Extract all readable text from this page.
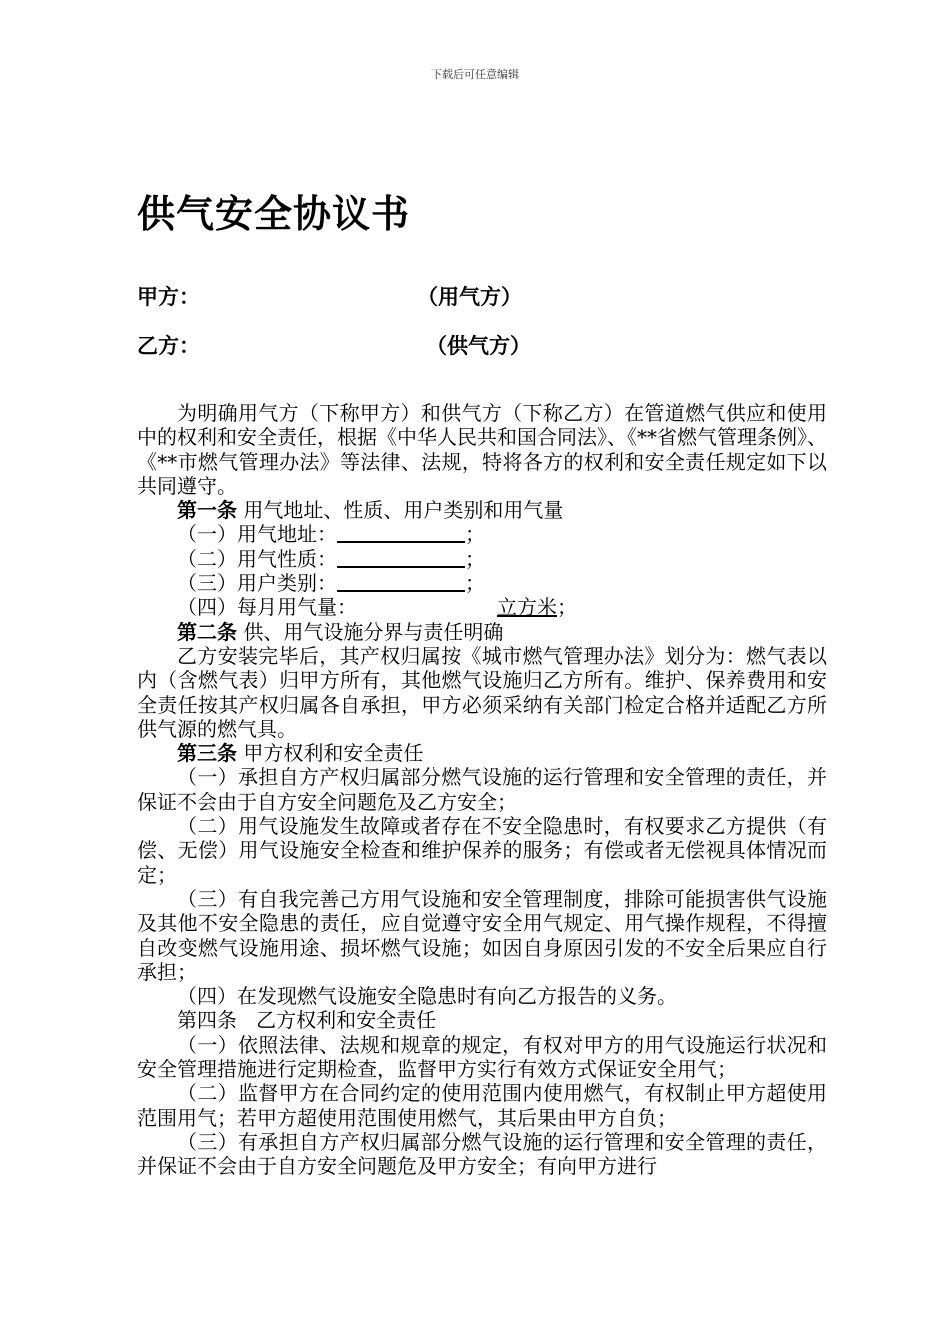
下载后可任意编辑
供气安全协议书
甲方：	（用气方）
乙方：	（供气方）

为明确用气方（下称甲方）和供气方（下称乙方）在管道燃气供应和使用中的权利和安全责任，根据《中华人民共和国合同法》、《**省燃气管理条例》、《**市燃气管理办法》等法律、法规，特将各方的权利和安全责任规定如下以共同遵守。

第一条 用气地址、性质、用户类别和用气量

（一）用气地址：	；

（二）用气性质：	；

（三）用户类别：	；

（四）每月用气量：	立方米；

第二条 供、用气设施分界与责任明确

乙方安装完毕后，其产权归属按《城市燃气管理办法》划分为：燃气表以内（含燃气表）归甲方所有，其他燃气设施归乙方所有。维护、保养费用和安全责任按其产权归属各自承担，甲方必须采纳有关部门检定合格并适配乙方所供气源的燃气具。

第三条 甲方权利和安全责任

（一）承担自方产权归属部分燃气设施的运行管理和安全管理的责任，并保证不会由于自方安全问题危及乙方安全；

（二）用气设施发生故障或者存在不安全隐患时，有权要求乙方提供（有偿、无偿）用气设施安全检查和维护保养的服务；有偿或者无偿视具体情况而定；

（三）有自我完善己方用气设施和安全管理制度，排除可能损害供气设施及其他不安全隐患的责任，应自觉遵守安全用气规定、用气操作规程，不得擅自改变燃气设施用途、损坏燃气设施；如因自身原因引发的不安全后果应自行承担；

（四）在发现燃气设施安全隐患时有向乙方报告的义务。

第四条 乙方权利和安全责任

（一）依照法律、法规和规章的规定，有权对甲方的用气设施运行状况和安全管理措施进行定期检查，监督甲方实行有效方式保证安全用气；

（二）监督甲方在合同约定的使用范围内使用燃气，有权制止甲方超使用范围用气；若甲方超使用范围使用燃气，其后果由甲方自负；

（三）有承担自方产权归属部分燃气设施的运行管理和安全管理的责任，并保证不会由于自方安全问题危及甲方安全；有向甲方进行
